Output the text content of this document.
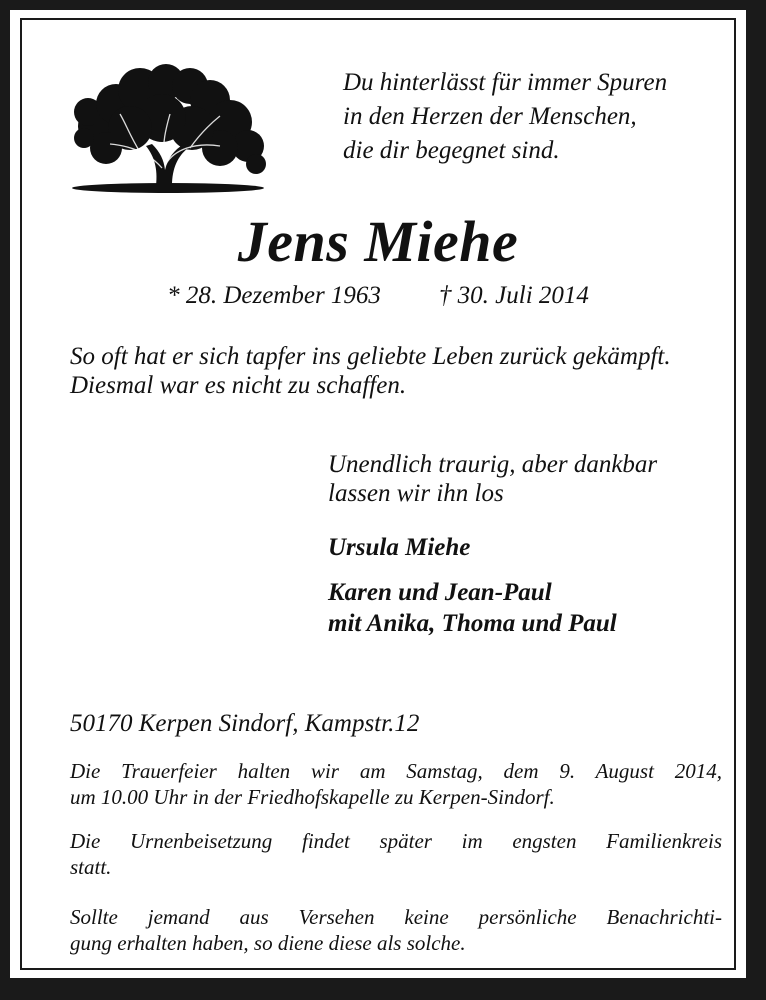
Du hinterlässt für immer Spuren
in den Herzen der Menschen,
die dir begegnet sind.
Jens Miehe
* 28. Dezember 1963 † 30. Juli 2014
So oft hat er sich tapfer ins geliebte Leben zurück gekämpft.
Diesmal war es nicht zu schaffen.
Unendlich traurig, aber dankbar
lassen wir ihn los
Ursula Miehe
Karen und Jean-Paul
mit Anika, Thoma und Paul
50170 Kerpen Sindorf, Kampstr.12
Die Trauerfeier halten wir am Samstag, dem 9. August 2014,
um 10.00 Uhr in der Friedhofskapelle zu Kerpen-Sindorf.
Die Urnenbeisetzung findet später im engsten Familienkreis
statt.
Sollte jemand aus Versehen keine persönliche Benachrichti-
gung erhalten haben, so diene diese als solche.
